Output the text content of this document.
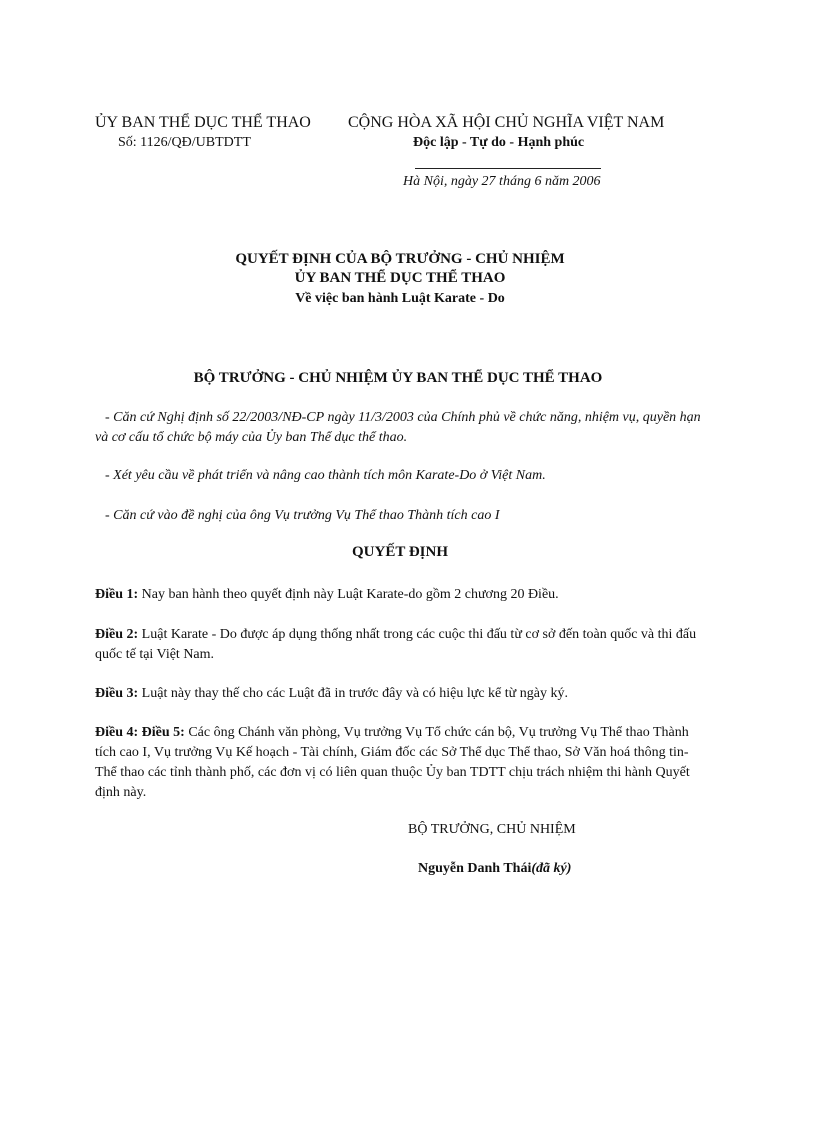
ỦY BAN THỂ DỤC THỂ THAO
Số: 1126/QĐ/UBTDTT
CỘNG HÒA XÃ HỘI CHỦ NGHĨA VIỆT NAM
Độc lập - Tự do - Hạnh phúc
Hà Nội, ngày 27 tháng 6 năm 2006
QUYẾT ĐỊNH CỦA BỘ TRƯỞNG - CHỦ NHIỆM
ỦY BAN THỂ DỤC THỂ THAO
Về việc ban hành Luật Karate - Do
BỘ TRƯỞNG - CHỦ NHIỆM ỦY BAN THỂ DỤC THỂ THAO
- Căn cứ Nghị định số 22/2003/NĐ-CP ngày 11/3/2003 của Chính phủ về chức năng, nhiệm vụ, quyền hạn và cơ cấu tổ chức bộ máy của Ủy ban Thể dục thể thao.
- Xét yêu cầu về phát triển và nâng cao thành tích môn Karate-Do ở Việt Nam.
- Căn cứ vào đề nghị của ông Vụ trưởng Vụ Thể thao Thành tích cao I
QUYẾT ĐỊNH
Điều 1: Nay ban hành theo quyết định này Luật Karate-do gồm 2 chương 20 Điều.
Điều 2: Luật Karate - Do được áp dụng thống nhất trong các cuộc thi đấu từ cơ sở đến toàn quốc và thi đấu quốc tế tại Việt Nam.
Điều 3: Luật này thay thế cho các Luật đã in trước đây và có hiệu lực kể từ ngày ký.
Điều 4: Điều 5: Các ông Chánh văn phòng, Vụ trưởng Vụ Tổ chức cán bộ, Vụ trưởng Vụ Thể thao Thành tích cao I, Vụ trưởng Vụ Kế hoạch - Tài chính, Giám đốc các Sở Thể dục Thể thao, Sở Văn hoá thông tin- Thể thao các tỉnh thành phố, các đơn vị có liên quan thuộc Ủy ban TDTT chịu trách nhiệm thi hành Quyết định này.
BỘ TRƯỞNG, CHỦ NHIỆM
Nguyễn Danh Thái(đã ký)
